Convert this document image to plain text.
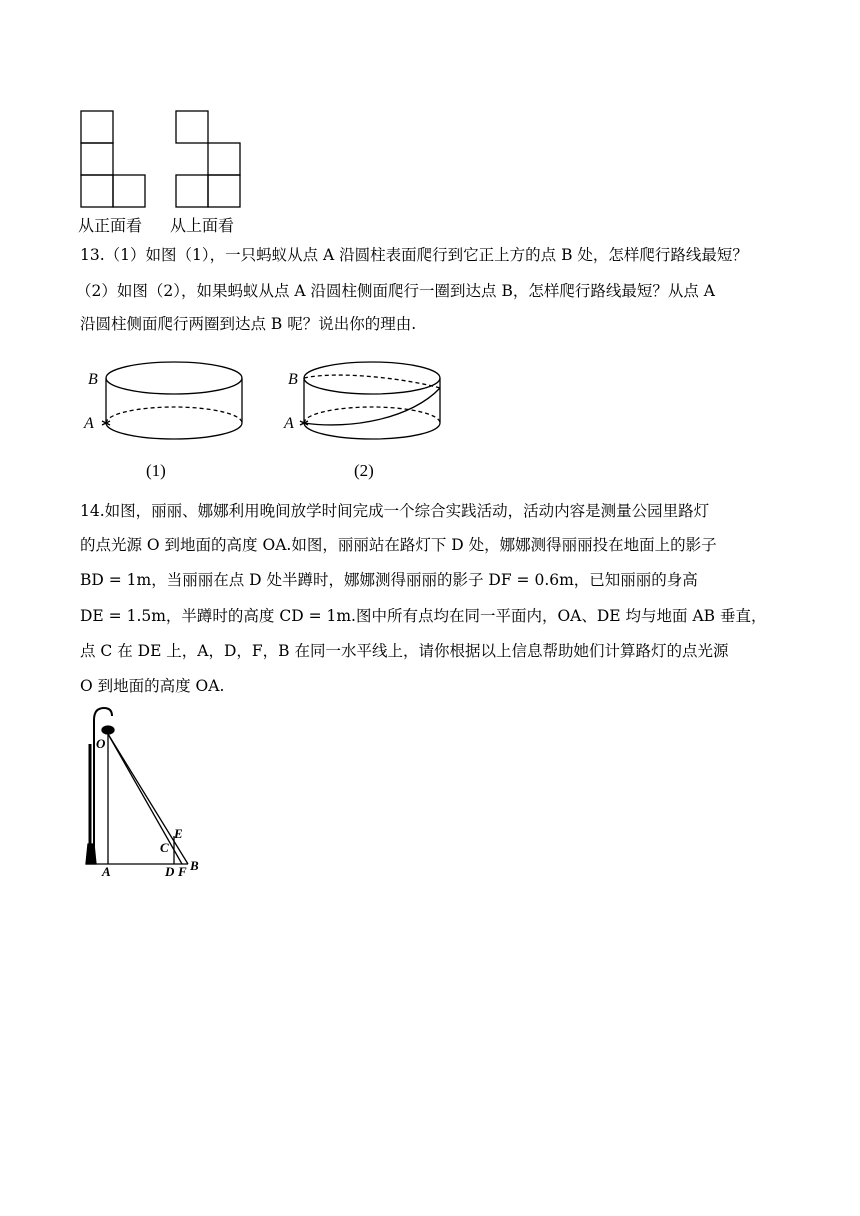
从正面看 从上面看
13.（1）如图（1），一只蚂蚁从点 A 沿圆柱表面爬行到它正上方的点 B 处，怎样爬行路线最短？
（2）如图（2），如果蚂蚁从点 A 沿圆柱侧面爬行一圈到达点 B，怎样爬行路线最短？从点 A
沿圆柱侧面爬行两圈到达点 B 呢？说出你的理由.
B
A
(1)
B
A
(2)
14.如图，丽丽、娜娜利用晚间放学时间完成一个综合实践活动，活动内容是测量公园里路灯
的点光源 O 到地面的高度 OA.如图，丽丽站在路灯下 D 处，娜娜测得丽丽投在地面上的影子
BD = 1m，当丽丽在点 D 处半蹲时，娜娜测得丽丽的影子 DF = 0.6m，已知丽丽的身高
DE = 1.5m，半蹲时的高度 CD = 1m.图中所有点均在同一平面内，OA、DE 均与地面 AB 垂直，
点 C 在 DE 上，A，D，F，B 在同一水平线上，请你根据以上信息帮助她们计算路灯的点光源
O 到地面的高度 OA.
O
E
C
A	D F B
